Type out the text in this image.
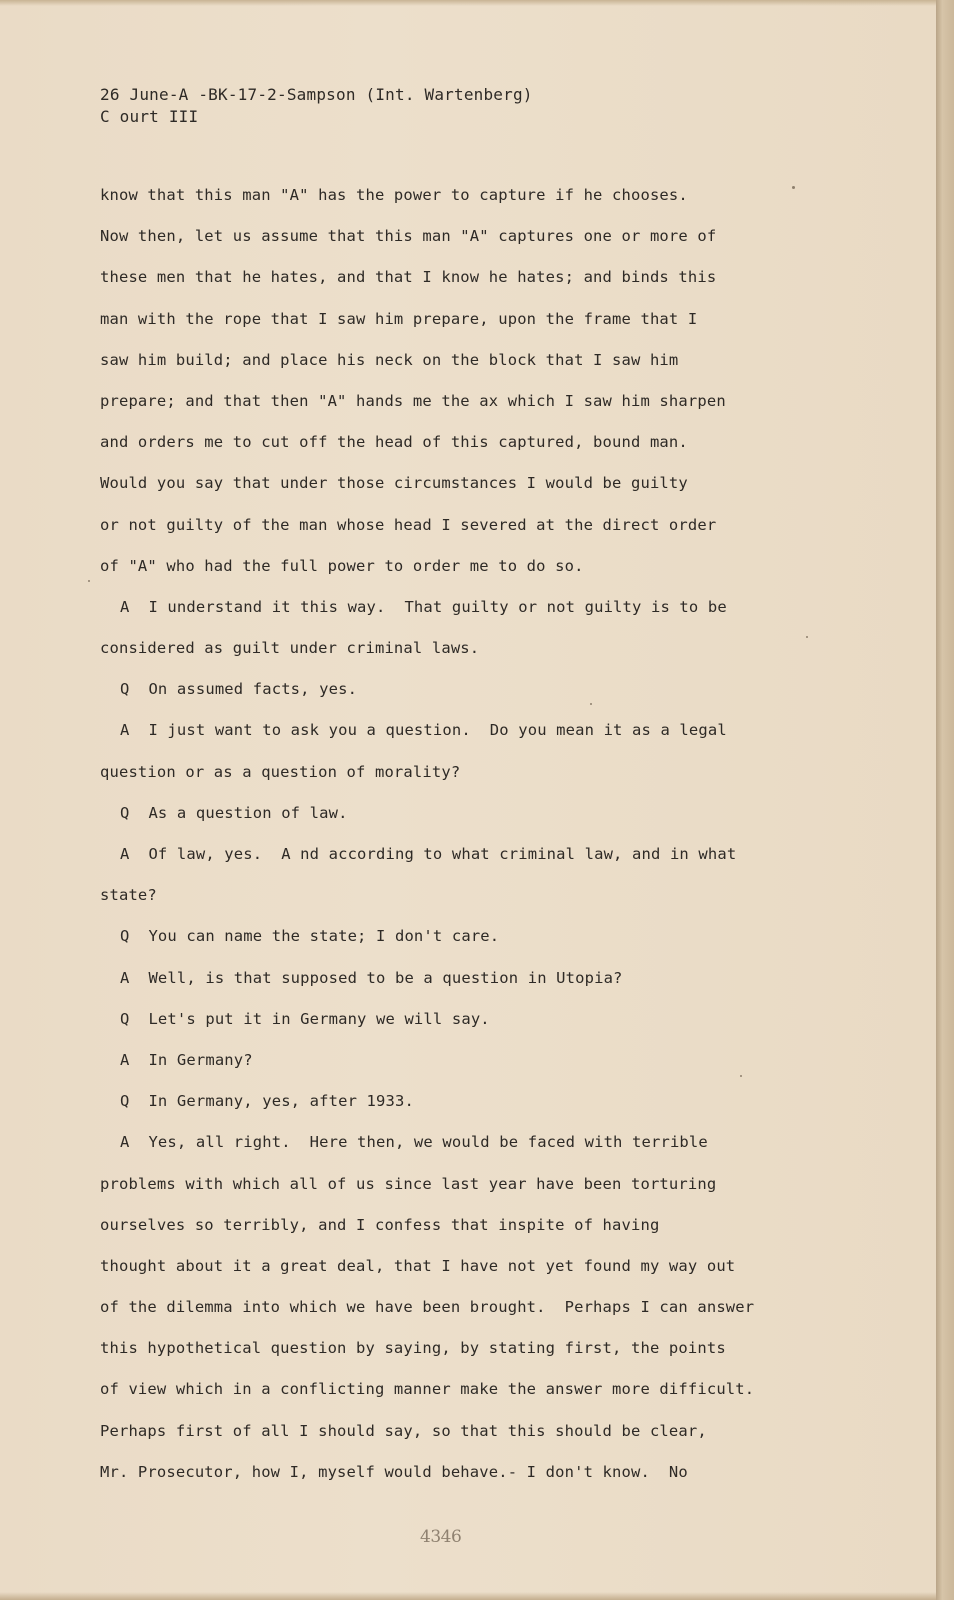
26 June-A -BK-17-2-Sampson (Int. Wartenberg)
C ourt III
know that this man "A" has the power to capture if he chooses.
Now then, let us assume that this man "A" captures one or more of
these men that he hates, and that I know he hates; and binds this
man with the rope that I saw him prepare, upon the frame that I
saw him build; and place his neck on the block that I saw him
prepare; and that then "A" hands me the ax which I saw him sharpen
and orders me to cut off the head of this captured, bound man.
Would you say that under those circumstances I would be guilty
or not guilty of the man whose head I severed at the direct order
of "A" who had the full power to order me to do so.
A  I understand it this way.  That guilty or not guilty is to be
considered as guilt under criminal laws.
Q  On assumed facts, yes.
A  I just want to ask you a question.  Do you mean it as a legal
question or as a question of morality?
Q  As a question of law.
A  Of law, yes.  A nd according to what criminal law, and in what
state?
Q  You can name the state; I don't care.
A  Well, is that supposed to be a question in Utopia?
Q  Let's put it in Germany we will say.
A  In Germany?
Q  In Germany, yes, after 1933.
A  Yes, all right.  Here then, we would be faced with terrible
problems with which all of us since last year have been torturing
ourselves so terribly, and I confess that inspite of having
thought about it a great deal, that I have not yet found my way out
of the dilemma into which we have been brought.  Perhaps I can answer
this hypothetical question by saying, by stating first, the points
of view which in a conflicting manner make the answer more difficult.
Perhaps first of all I should say, so that this should be clear,
Mr. Prosecutor, how I, myself would behave.- I don't know.  No
4346
